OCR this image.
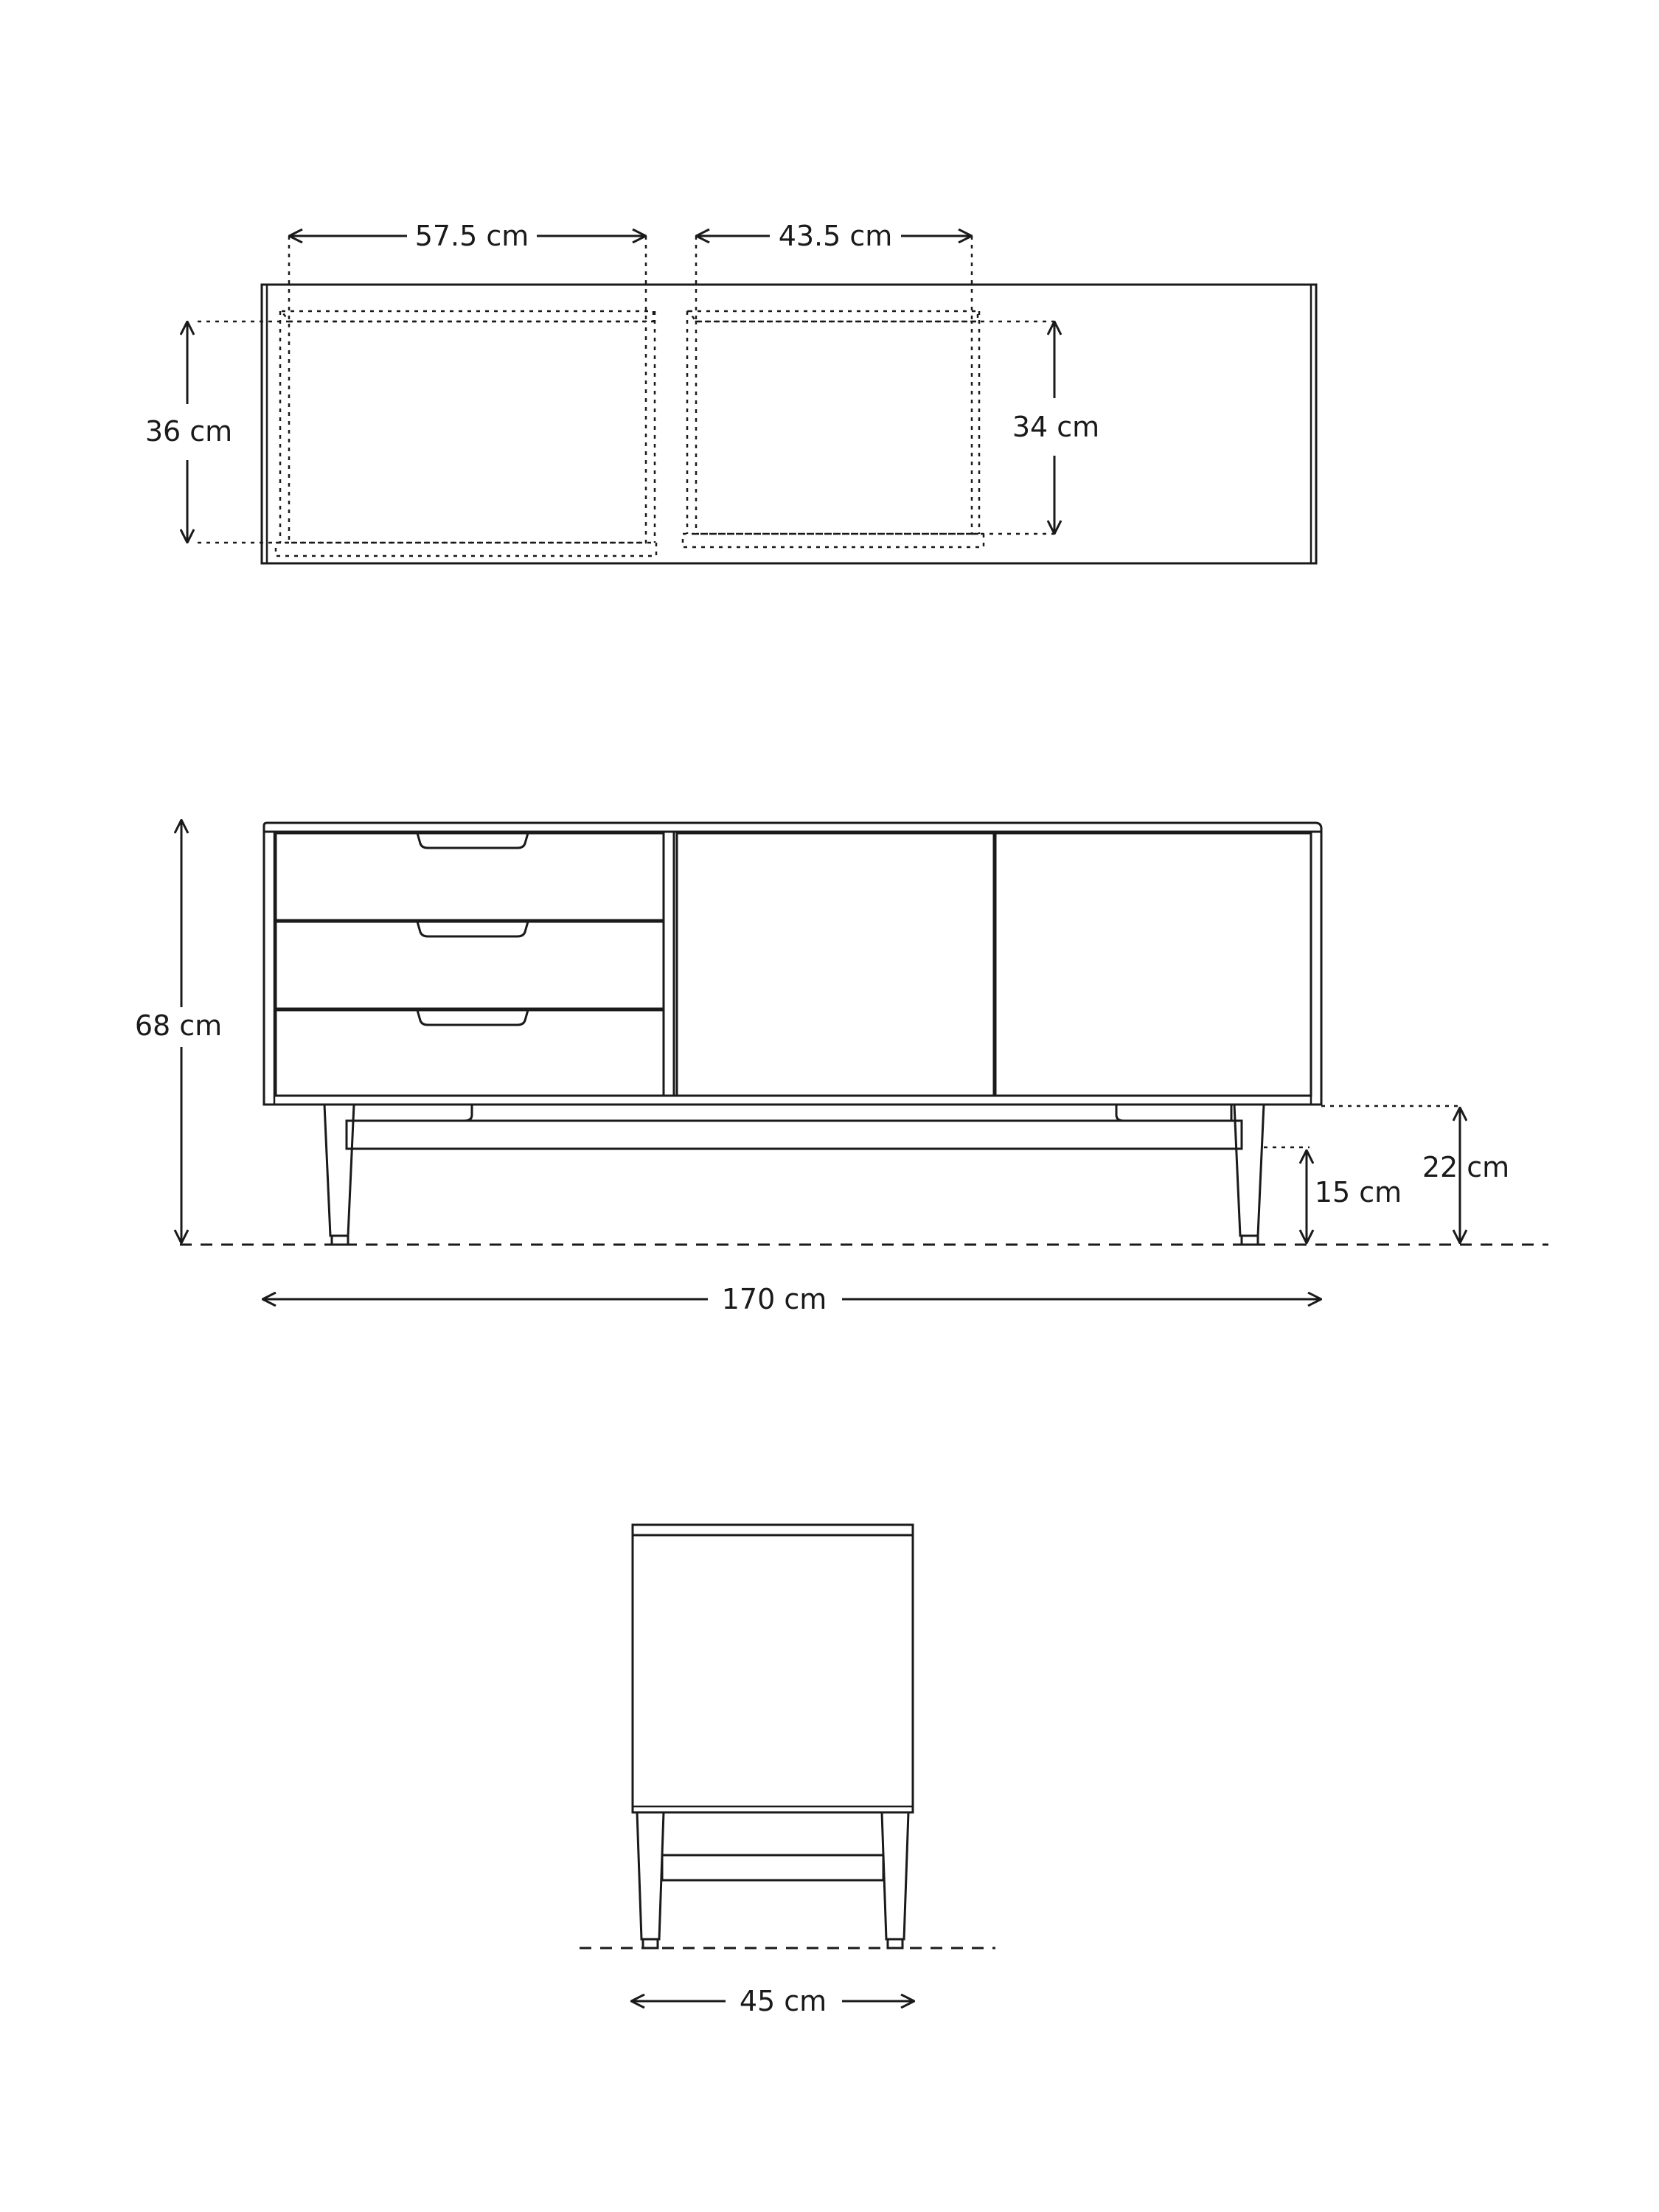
57.5 cm	43.5 cm
36 cm	34 cm
68 cm
15 cm
22 cm
170 cm
45 cm
